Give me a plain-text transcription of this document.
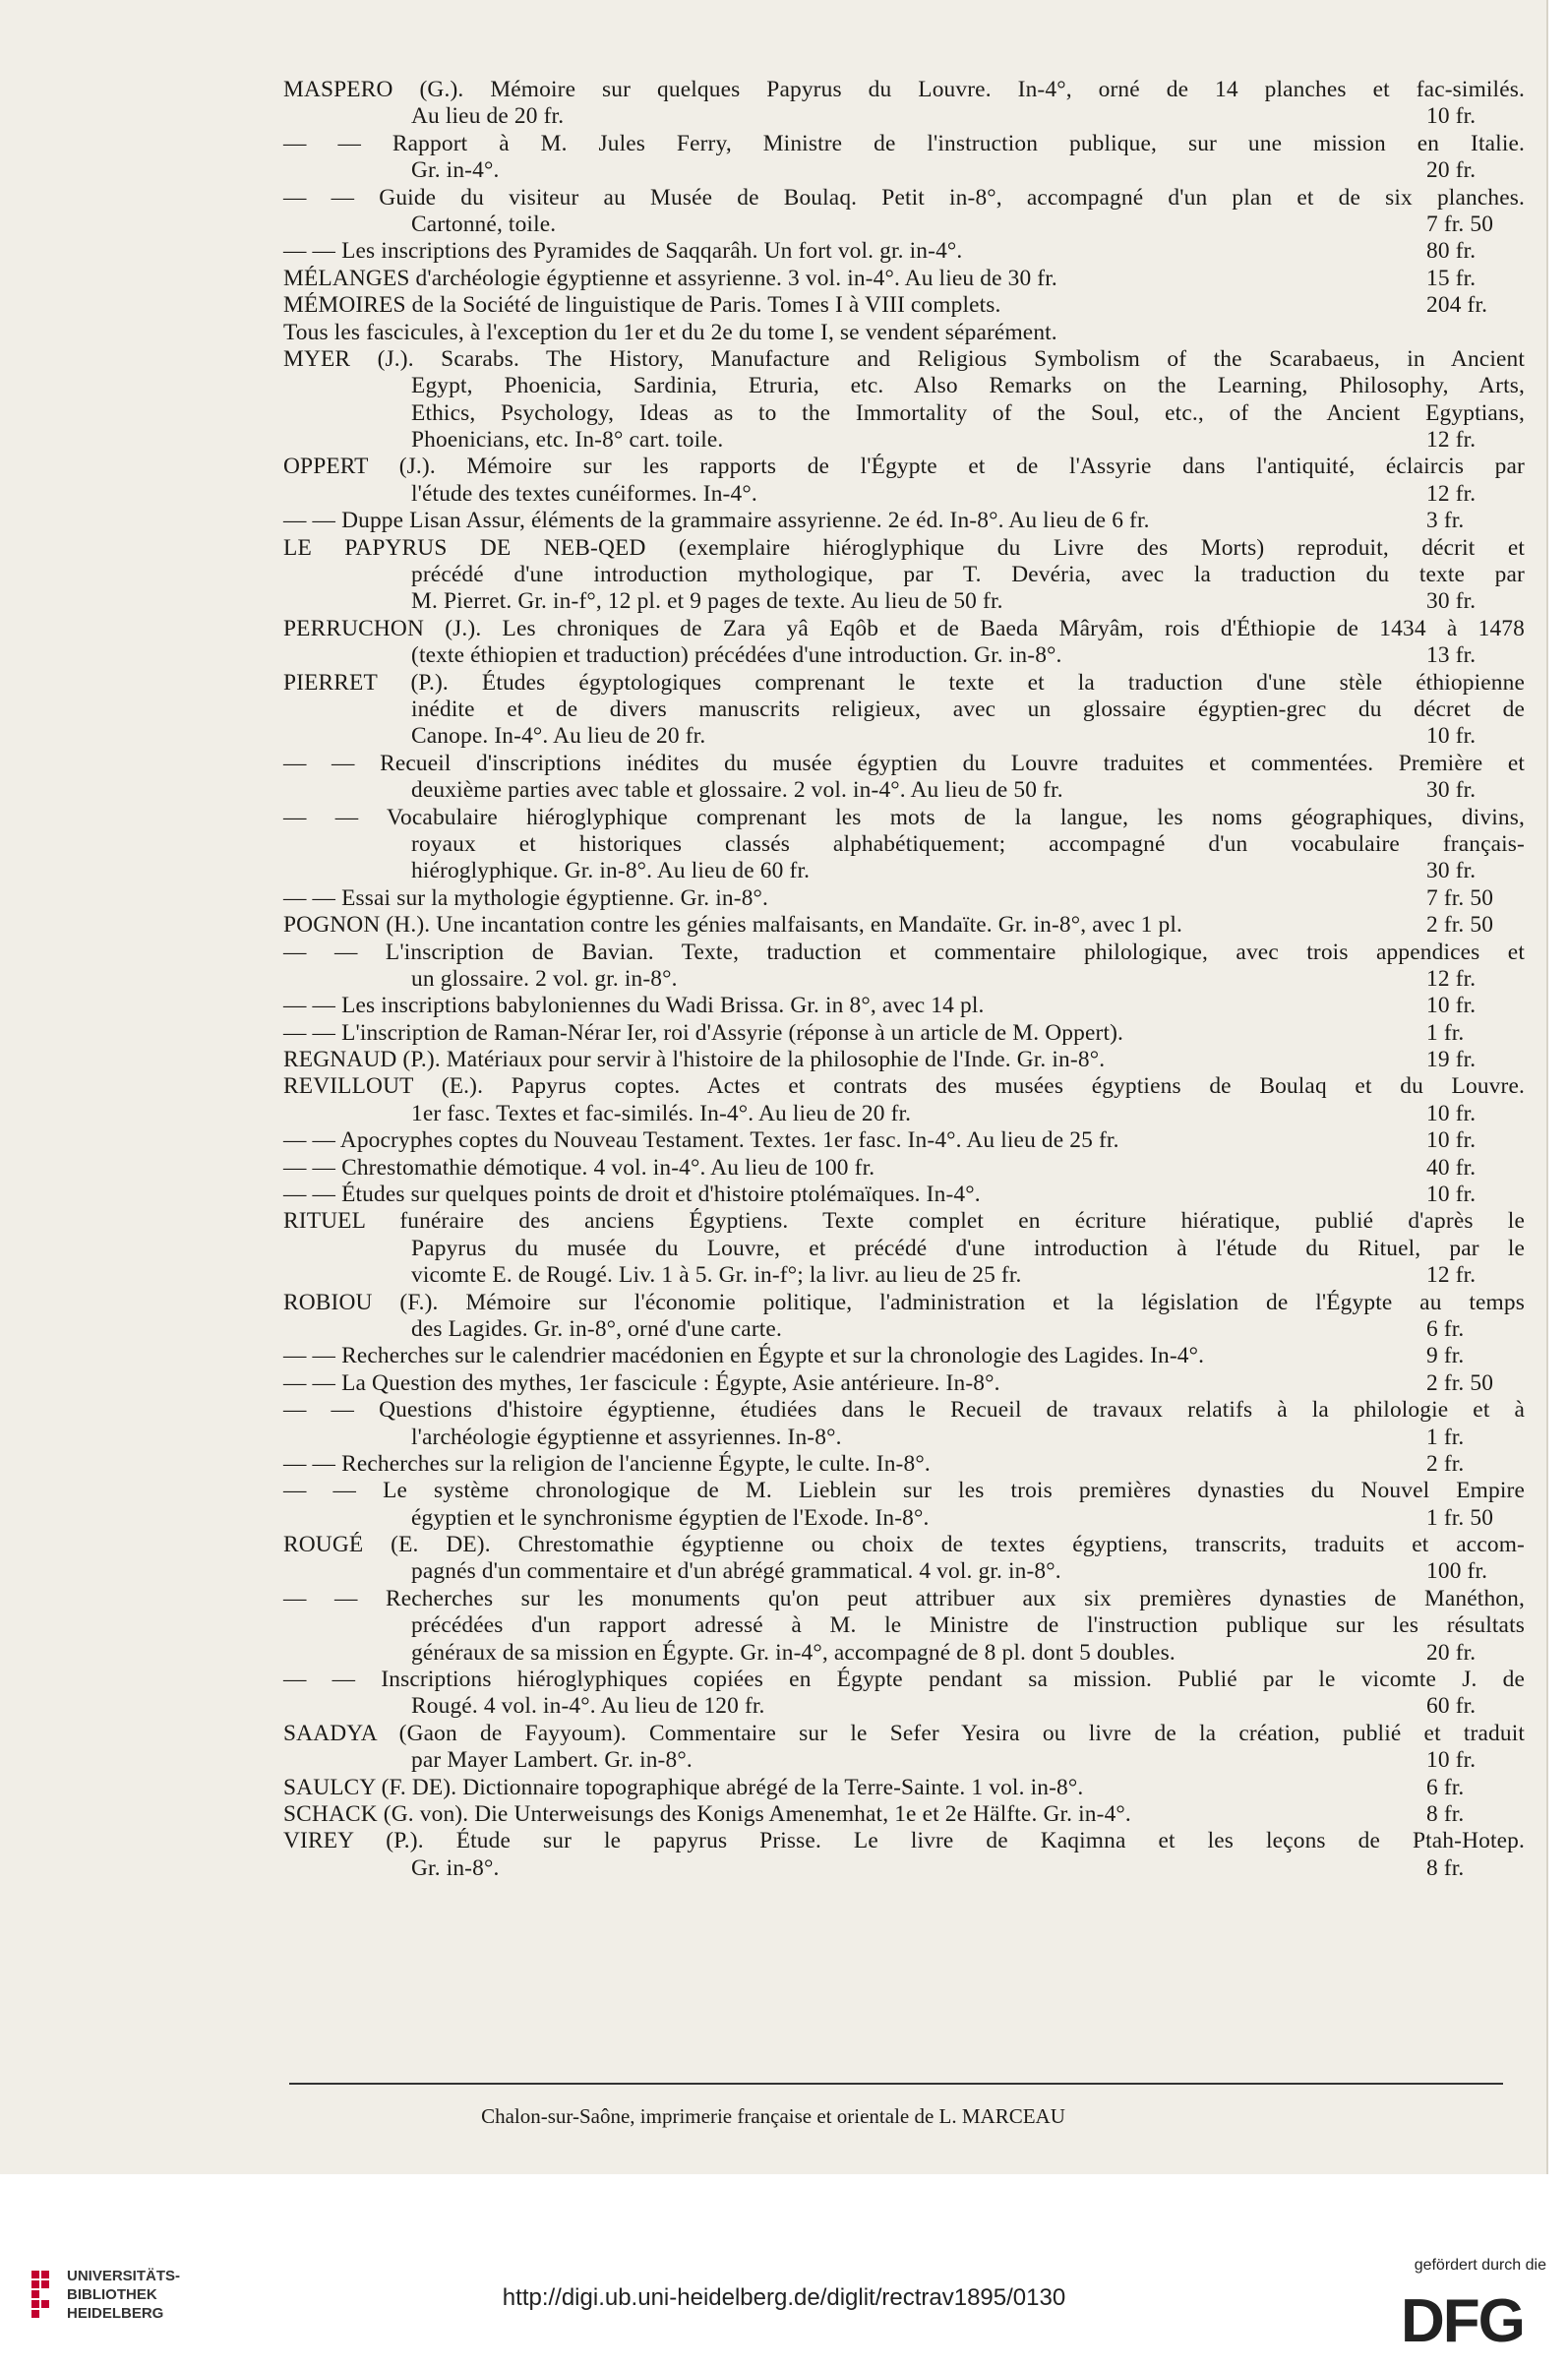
MASPERO (G.). Mémoire sur quelques Papyrus du Louvre. In-4°, orné de 14 planches et fac-similés.
Au lieu de 20 fr.	10 fr.
— — Rapport à M. Jules Ferry, Ministre de l'instruction publique, sur une mission en Italie.
Gr. in-4°.	20 fr.
— — Guide du visiteur au Musée de Boulaq. Petit in-8°, accompagné d'un plan et de six planches.
Cartonné, toile.	7 fr. 50
— — Les inscriptions des Pyramides de Saqqarâh. Un fort vol. gr. in-4°.	80 fr.
MÉLANGES d'archéologie égyptienne et assyrienne. 3 vol. in-4°. Au lieu de 30 fr.	15 fr.
MÉMOIRES de la Société de linguistique de Paris. Tomes I à VIII complets.	204 fr.
Tous les fascicules, à l'exception du 1er et du 2e du tome I, se vendent séparément.
MYER (J.). Scarabs. The History, Manufacture and Religious Symbolism of the Scarabaeus, in Ancient
Egypt, Phoenicia, Sardinia, Etruria, etc. Also Remarks on the Learning, Philosophy, Arts,
Ethics, Psychology, Ideas as to the Immortality of the Soul, etc., of the Ancient Egyptians,
Phoenicians, etc. In-8° cart. toile.	12 fr.
OPPERT (J.). Mémoire sur les rapports de l'Égypte et de l'Assyrie dans l'antiquité, éclaircis par
l'étude des textes cunéiformes. In-4°.	12 fr.
— — Duppe Lisan Assur, éléments de la grammaire assyrienne. 2e éd. In-8°. Au lieu de 6 fr.	3 fr.
LE PAPYRUS DE NEB-QED (exemplaire hiéroglyphique du Livre des Morts) reproduit, décrit et
précédé d'une introduction mythologique, par T. Devéria, avec la traduction du texte par
M. Pierret. Gr. in-f°, 12 pl. et 9 pages de texte. Au lieu de 50 fr.	30 fr.
PERRUCHON (J.). Les chroniques de Zara yâ Eqôb et de Baeda Mâryâm, rois d'Éthiopie de 1434 à 1478
(texte éthiopien et traduction) précédées d'une introduction. Gr. in-8°.	13 fr.
PIERRET (P.). Études égyptologiques comprenant le texte et la traduction d'une stèle éthiopienne
inédite et de divers manuscrits religieux, avec un glossaire égyptien-grec du décret de
Canope. In-4°. Au lieu de 20 fr.	10 fr.
— — Recueil d'inscriptions inédites du musée égyptien du Louvre traduites et commentées. Première et
deuxième parties avec table et glossaire. 2 vol. in-4°. Au lieu de 50 fr.	30 fr.
— — Vocabulaire hiéroglyphique comprenant les mots de la langue, les noms géographiques, divins,
royaux et historiques classés alphabétiquement; accompagné d'un vocabulaire français-
hiéroglyphique. Gr. in-8°. Au lieu de 60 fr.	30 fr.
— — Essai sur la mythologie égyptienne. Gr. in-8°.	7 fr. 50
POGNON (H.). Une incantation contre les génies malfaisants, en Mandaïte. Gr. in-8°, avec 1 pl.	2 fr. 50
— — L'inscription de Bavian. Texte, traduction et commentaire philologique, avec trois appendices et
un glossaire. 2 vol. gr. in-8°.	12 fr.
— — Les inscriptions babyloniennes du Wadi Brissa. Gr. in 8°, avec 14 pl.	10 fr.
— — L'inscription de Raman-Nérar Ier, roi d'Assyrie (réponse à un article de M. Oppert).	1 fr.
REGNAUD (P.). Matériaux pour servir à l'histoire de la philosophie de l'Inde. Gr. in-8°.	19 fr.
REVILLOUT (E.). Papyrus coptes. Actes et contrats des musées égyptiens de Boulaq et du Louvre.
1er fasc. Textes et fac-similés. In-4°. Au lieu de 20 fr.	10 fr.
— — Apocryphes coptes du Nouveau Testament. Textes. 1er fasc. In-4°. Au lieu de 25 fr.	10 fr.
— — Chrestomathie démotique. 4 vol. in-4°. Au lieu de 100 fr.	40 fr.
— — Études sur quelques points de droit et d'histoire ptolémaïques. In-4°.	10 fr.
RITUEL funéraire des anciens Égyptiens. Texte complet en écriture hiératique, publié d'après le
Papyrus du musée du Louvre, et précédé d'une introduction à l'étude du Rituel, par le
vicomte E. de Rougé. Liv. 1 à 5. Gr. in-f°; la livr. au lieu de 25 fr.	12 fr.
ROBIOU (F.). Mémoire sur l'économie politique, l'administration et la législation de l'Égypte au temps
des Lagides. Gr. in-8°, orné d'une carte.	6 fr.
— — Recherches sur le calendrier macédonien en Égypte et sur la chronologie des Lagides. In-4°.	9 fr.
— — La Question des mythes, 1er fascicule : Égypte, Asie antérieure. In-8°.	2 fr. 50
— — Questions d'histoire égyptienne, étudiées dans le Recueil de travaux relatifs à la philologie et à
l'archéologie égyptienne et assyriennes. In-8°.	1 fr.
— — Recherches sur la religion de l'ancienne Égypte, le culte. In-8°.	2 fr.
— — Le système chronologique de M. Lieblein sur les trois premières dynasties du Nouvel Empire
égyptien et le synchronisme égyptien de l'Exode. In-8°.	1 fr. 50
ROUGÉ (E. DE). Chrestomathie égyptienne ou choix de textes égyptiens, transcrits, traduits et accom-
pagnés d'un commentaire et d'un abrégé grammatical. 4 vol. gr. in-8°.	100 fr.
— — Recherches sur les monuments qu'on peut attribuer aux six premières dynasties de Manéthon,
précédées d'un rapport adressé à M. le Ministre de l'instruction publique sur les résultats
généraux de sa mission en Égypte. Gr. in-4°, accompagné de 8 pl. dont 5 doubles.	20 fr.
— — Inscriptions hiéroglyphiques copiées en Égypte pendant sa mission. Publié par le vicomte J. de
Rougé. 4 vol. in-4°. Au lieu de 120 fr.	60 fr.
SAADYA (Gaon de Fayyoum). Commentaire sur le Sefer Yesira ou livre de la création, publié et traduit
par Mayer Lambert. Gr. in-8°.	10 fr.
SAULCY (F. DE). Dictionnaire topographique abrégé de la Terre-Sainte. 1 vol. in-8°.	6 fr.
SCHACK (G. von). Die Unterweisungs des Konigs Amenemhat, 1e et 2e Hälfte. Gr. in-4°.	8 fr.
VIREY (P.). Étude sur le papyrus Prisse. Le livre de Kaqimna et les leçons de Ptah-Hotep.
Gr. in-8°.	8 fr.
Chalon-sur-Saône, imprimerie française et orientale de L. MARCEAU
UNIVERSITÄTS-
BIBLIOTHEK
HEIDELBERG
http://digi.ub.uni-heidelberg.de/diglit/rectrav1895/0130
gefördert durch die
DFG
